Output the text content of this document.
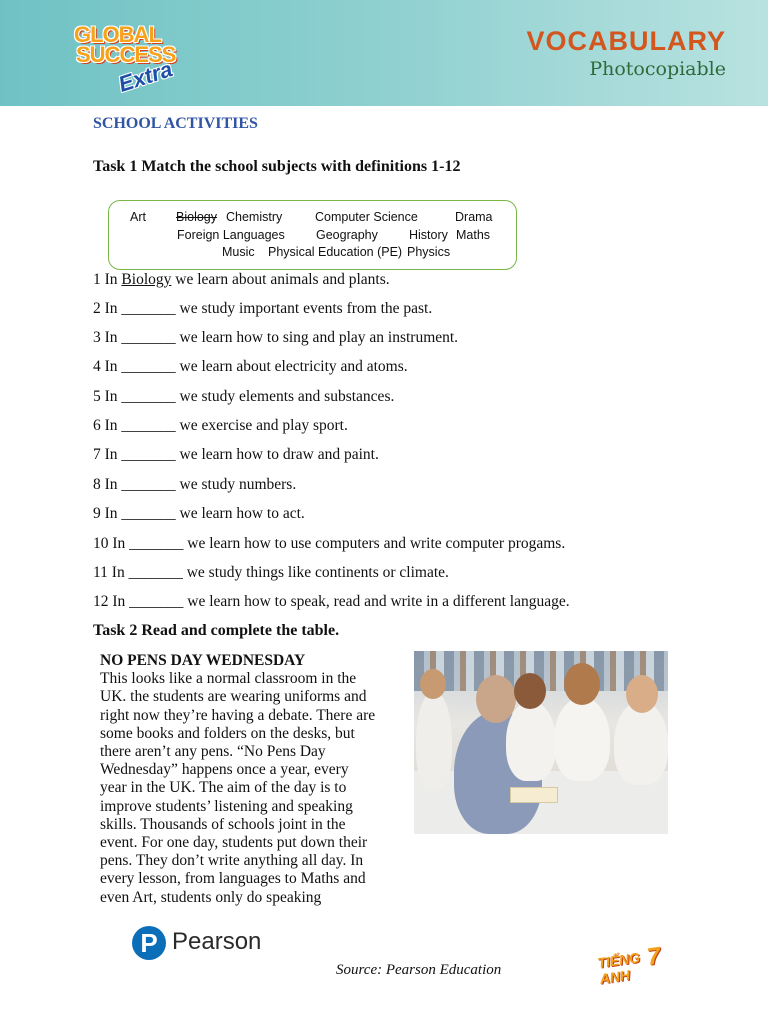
GLOBAL
SUCCESS
Extra
VOCABULARY
Photocopiable
SCHOOL ACTIVITIES
Task 1 Match the school subjects with definitions 1-12
Art Biology Chemistry	Computer Science	Drama
Foreign Languages	Geography History Maths
Music Physical Education (PE) Physics
1 In Biology we learn about animals and plants.
2 In _______ we study important events from the past.
3 In _______ we learn how to sing and play an instrument.
4 In _______ we learn about electricity and atoms.
5 In _______ we study elements and substances.
6 In _______ we exercise and play sport.
7 In _______ we learn how to draw and paint.
8 In _______ we study numbers.
9 In _______ we learn how to act.
10 In _______ we learn how to use computers and write computer progams.
11 In _______ we study things like continents or climate.
12 In _______ we learn how to speak, read and write in a different language.
Task 2 Read and complete the table.
NO PENS DAY WEDNESDAY
This looks like a normal classroom in the
UK. the students are wearing uniforms and
right now they’re having a debate. There are
some books and folders on the desks, but
there aren’t any pens. “No Pens Day
Wednesday” happens once a year, every
year in the UK. The aim of the day is to
improve students’ listening and speaking
skills. Thousands of schools joint in the
event. For one day, students put down their
pens. They don’t write anything all day. In
every lesson, from languages to Maths and
even Art, students only do speaking
P Pearson
Source: Pearson Education	TIẾNG ANH
7
